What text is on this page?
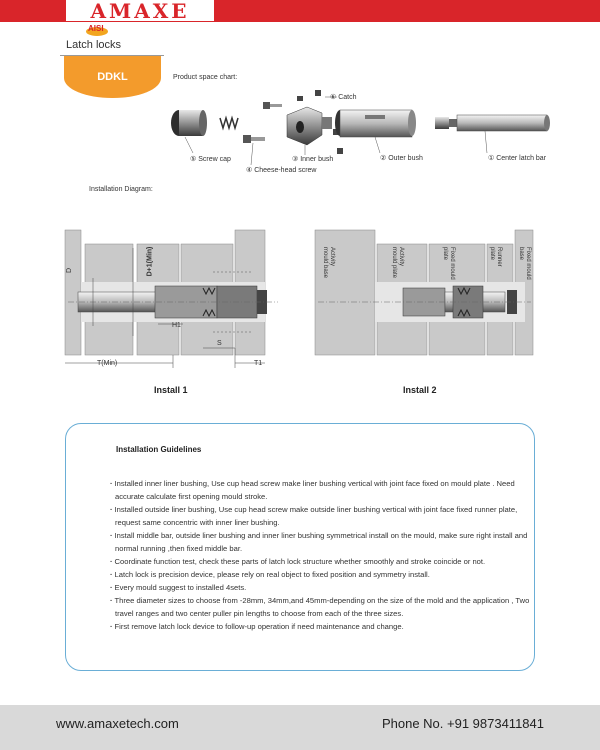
AMAXE
AISI
Latch locks
DDKL	Product space chart:
⑥ Catch
⑤ Screw cap
④ Cheese-head screw
③ Inner bush	② Outer bush	① Center latch bar
Installation Diagram:
D	D+1(Min)
H1
S
T(Min)	T1
Install 1
Activity mould base	Activity mould plate	Fixed mould plate	Runner plate	Fixed mould base
Install 2
Installation Guidelines
· Installed inner liner bushing, Use cup head screw make liner bushing vertical with joint face fixed on mould plate . Need accurate calculate first opening mould stroke.
· Installed outside liner bushing, Use cup head screw make outside liner bushing vertical with joint face fixed runner plate, request same concentric with inner liner bushing.
· Install middle bar, outside liner bushing and inner liner bushing symmetrical install on the mould, make sure right install and normal running ,then fixed middle bar.
· Coordinate function test, check these parts of latch lock structure whether smoothly and stroke coincide or not.
· Latch lock is precision device, please rely on real object to fixed position and symmetry install.
· Every mould suggest to installed 4sets.
· Three diameter sizes to choose from -28mm, 34mm,and 45mm-depending on the size of the mold and the application , Two travel ranges and two center puller pin lengths to choose from each of the three sizes.
· First remove latch lock device to follow-up operation if need maintenance and change.
www.amaxetech.com	Phone No. +91 9873411841
